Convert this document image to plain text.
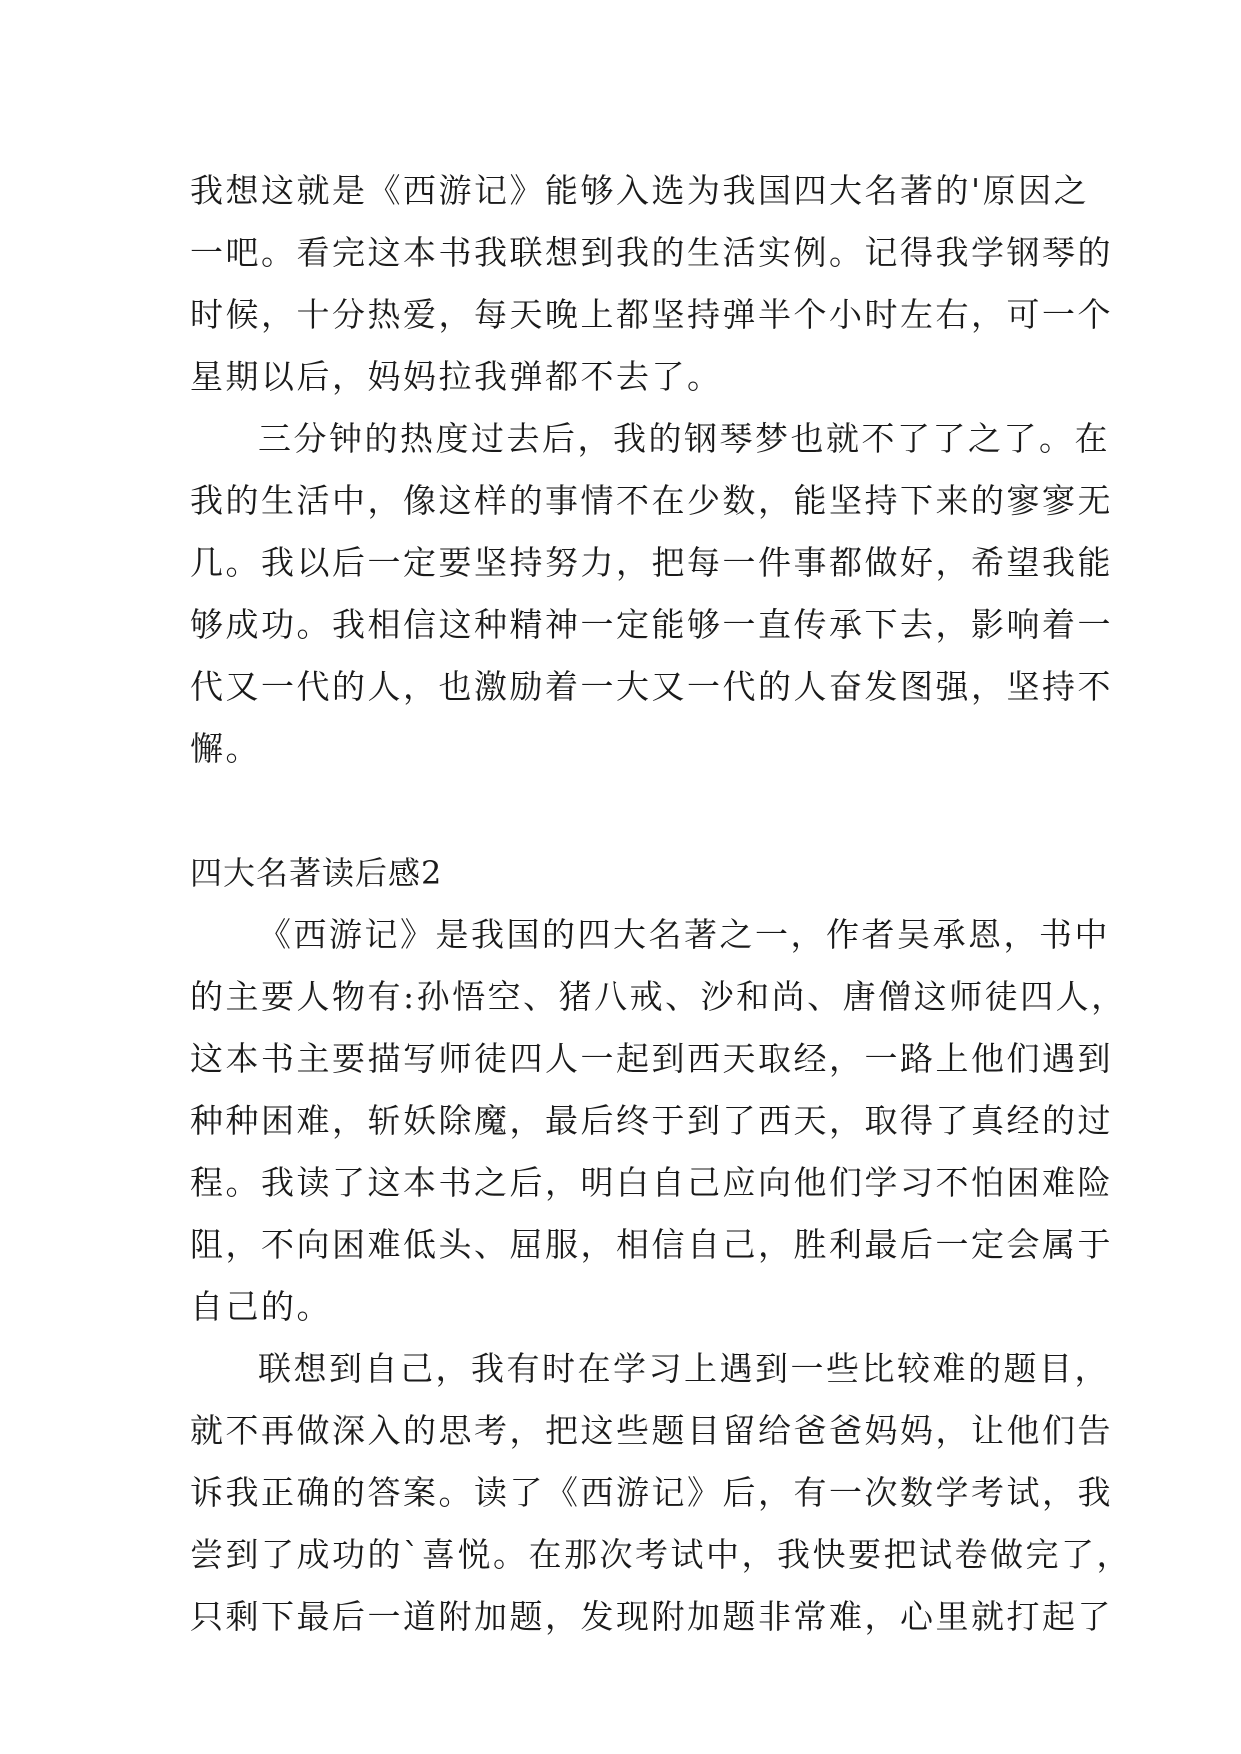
我想这就是《西游记》能够入选为我国四大名著的'原因之
一吧。看完这本书我联想到我的生活实例。记得我学钢琴的
时候，十分热爱，每天晚上都坚持弹半个小时左右，可一个
星期以后，妈妈拉我弹都不去了。
三分钟的热度过去后，我的钢琴梦也就不了了之了。在
我的生活中，像这样的事情不在少数，能坚持下来的寥寥无
几。我以后一定要坚持努力，把每一件事都做好，希望我能
够成功。我相信这种精神一定能够一直传承下去，影响着一
代又一代的人，也激励着一大又一代的人奋发图强，坚持不
懈。
四大名著读后感2
《西游记》是我国的四大名著之一，作者吴承恩，书中
的主要人物有:孙悟空、猪八戒、沙和尚、唐僧这师徒四人，
这本书主要描写师徒四人一起到西天取经，一路上他们遇到
种种困难，斩妖除魔，最后终于到了西天，取得了真经的过
程。我读了这本书之后，明白自己应向他们学习不怕困难险
阻，不向困难低头、屈服，相信自己，胜利最后一定会属于
自己的。
联想到自己，我有时在学习上遇到一些比较难的题目，
就不再做深入的思考，把这些题目留给爸爸妈妈，让他们告
诉我正确的答案。读了《西游记》后，有一次数学考试，我
尝到了成功的`喜悦。在那次考试中，我快要把试卷做完了，
只剩下最后一道附加题，发现附加题非常难，心里就打起了
